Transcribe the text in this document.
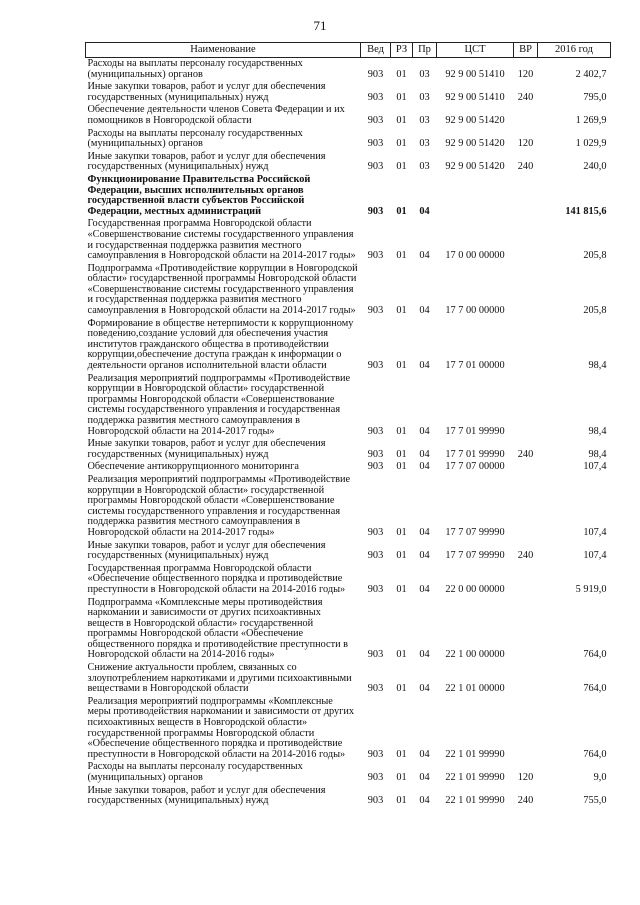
71
Наименование	Вед	РЗ	Пр	ЦСТ	ВР	2016 год
Расходы на выплаты персоналу государственных (муниципальных) органов	903	01	03	92 9 00 51410	120	2 402,7
Иные закупки товаров, работ и услуг для обеспечения государственных (муниципальных) нужд	903	01	03	92 9 00 51410	240	795,0
Обеспечение деятельности членов Совета Федерации и их помощников в Новгородской области	903	01	03	92 9 00 51420		1 269,9
Расходы на выплаты персоналу государственных (муниципальных) органов	903	01	03	92 9 00 51420	120	1 029,9
Иные закупки товаров, работ и услуг для обеспечения государственных (муниципальных) нужд	903	01	03	92 9 00 51420	240	240,0
Функционирование Правительства Российской Федерации, высших исполнительных органов государственной власти субъектов Российской Федерации, местных администраций	903	01	04			141 815,6
Государственная программа Новгородской области «Совершенствование системы государственного управления и государственная поддержка развития местного самоуправления в Новгородской области на 2014-2017 годы»	903	01	04	17 0 00 00000		205,8
Подпрограмма «Противодействие коррупции в Новгородской области» государственной программы Новгородской области «Совершенствование системы государственного управления и государственная поддержка развития местного самоуправления в Новгородской области на 2014-2017 годы»	903	01	04	17 7 00 00000		205,8
Формирование в обществе нетерпимости к коррупционному поведению,создание условий для обеспечения участия институтов гражданского общества в противодействии коррупции,обеспечение доступа граждан к информации о деятельности органов исполнительной власти области	903	01	04	17 7 01 00000		98,4
Реализация мероприятий подпрограммы «Противодействие коррупции в Новгородской области» государственной программы Новгородской области «Совершенствование системы государственного управления и государственная поддержка развития местного самоуправления в Новгородской области на 2014-2017 годы»	903	01	04	17 7 01 99990		98,4
Иные закупки товаров, работ и услуг для обеспечения государственных (муниципальных) нужд	903	01	04	17 7 01 99990	240	98,4
Обеспечение антикоррупционного мониторинга	903	01	04	17 7 07 00000		107,4
Реализация мероприятий подпрограммы «Противодействие коррупции в Новгородской области» государственной программы Новгородской области «Совершенствование системы государственного управления и государственная поддержка развития местного самоуправления в Новгородской области на 2014-2017 годы»	903	01	04	17 7 07 99990		107,4
Иные закупки товаров, работ и услуг для обеспечения государственных (муниципальных) нужд	903	01	04	17 7 07 99990	240	107,4
Государственная программа Новгородской области «Обеспечение общественного порядка и противодействие преступности в Новгородской области на 2014-2016 годы»	903	01	04	22 0 00 00000		5 919,0
Подпрограмма «Комплексные меры противодействия наркомании и зависимости от других психоактивных веществ в Новгородской области» государственной программы Новгородской области «Обеспечение общественного порядка и противодействие преступности в Новгородской области на 2014-2016 годы»	903	01	04	22 1 00 00000		764,0
Снижение актуальности проблем, связанных со злоупотреблением наркотиками и другими психоактивными веществами в Новгородской области	903	01	04	22 1 01 00000		764,0
Реализация мероприятий подпрограммы «Комплексные меры противодействия наркомании и зависимости от других психоактивных веществ в Новгородской области» государственной программы Новгородской области «Обеспечение общественного порядка и противодействие преступности в Новгородской области на 2014-2016 годы»	903	01	04	22 1 01 99990		764,0
Расходы на выплаты персоналу государственных (муниципальных) органов	903	01	04	22 1 01 99990	120	9,0
Иные закупки товаров, работ и услуг для обеспечения государственных (муниципальных) нужд	903	01	04	22 1 01 99990	240	755,0
